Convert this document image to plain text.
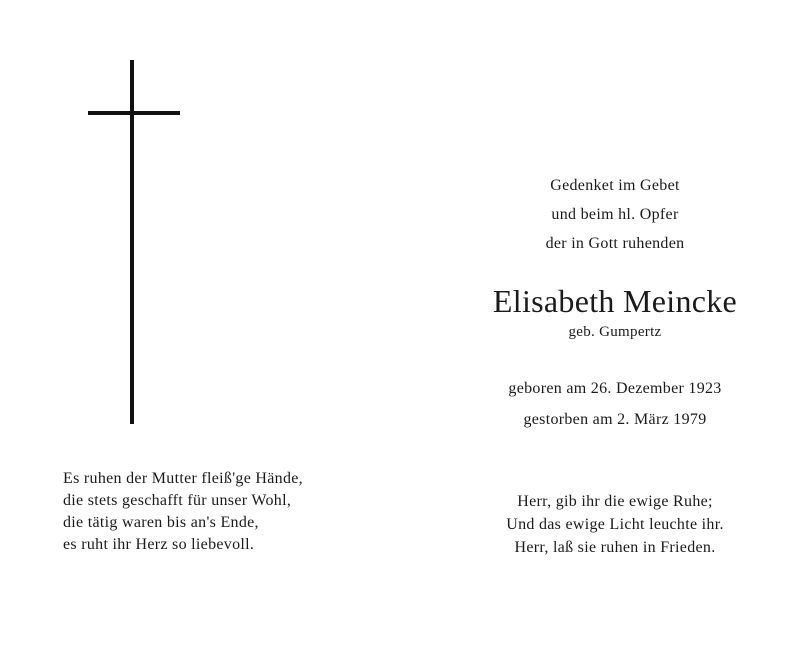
Es ruhen der Mutter fleiß'ge Hände,
die stets geschafft für unser Wohl,
die tätig waren bis an's Ende,
es ruht ihr Herz so liebevoll.
Gedenket im Gebet
und beim hl. Opfer
der in Gott ruhenden
Elisabeth Meincke
geb. Gumpertz
geboren am 26. Dezember 1923
gestorben am 2. März 1979
Herr, gib ihr die ewige Ruhe;
Und das ewige Licht leuchte ihr.
Herr, laß sie ruhen in Frieden.
